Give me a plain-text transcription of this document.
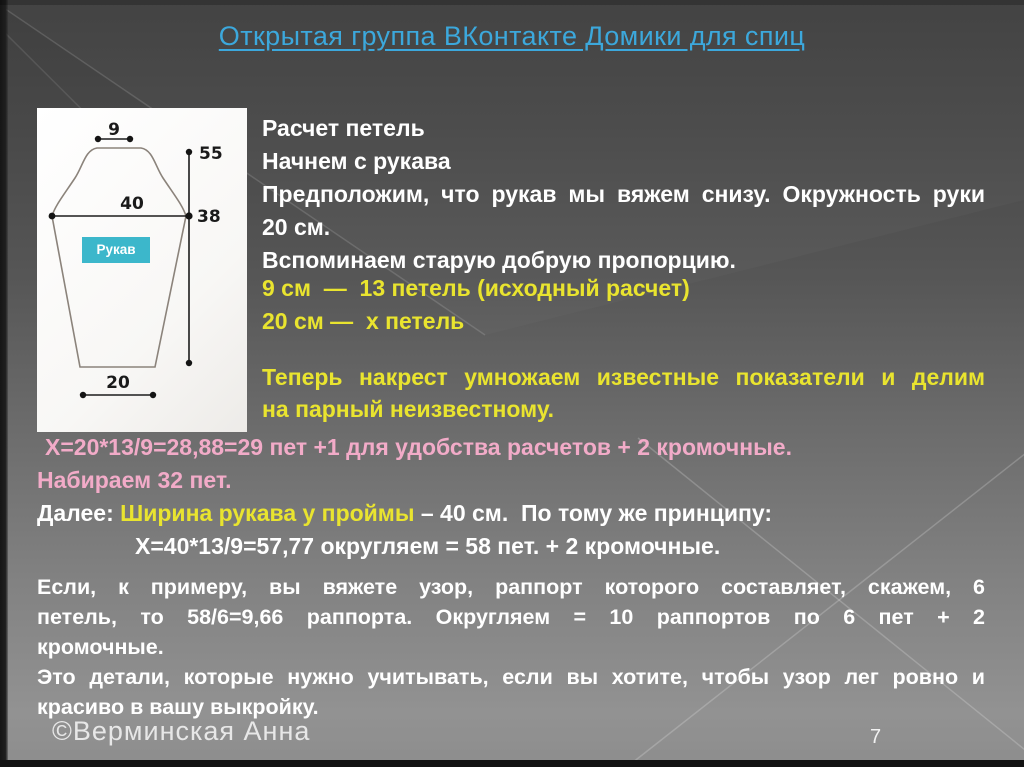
Открытая группа ВКонтакте Домики для спиц
9
55
40
38
20
Рукав
Расчет петель
Начнем с рукава
Предположим, что рукав мы вяжем снизу. Окружность руки
20 см.
Вспоминаем старую добрую пропорцию.
9 см  —  13 петель (исходный расчет)
20 см —  х петель
Теперь накрест умножаем известные показатели и делим
на парный неизвестному.
Х=20*13/9=28,88=29 пет +1 для удобства расчетов + 2 кромочные.
Набираем 32 пет.
Далее: Ширина рукава у проймы – 40 см.  По тому же принципу:
Х=40*13/9=57,77 округляем = 58 пет. + 2 кромочные.
Если, к примеру, вы вяжете узор, раппорт которого составляет, скажем, 6
петель, то 58/6=9,66 раппорта. Округляем = 10 раппортов по 6 пет + 2
кромочные.
Это детали, которые нужно учитывать, если вы хотите, чтобы узор лег ровно и
красиво в вашу выкройку.
©Верминская Анна	7
